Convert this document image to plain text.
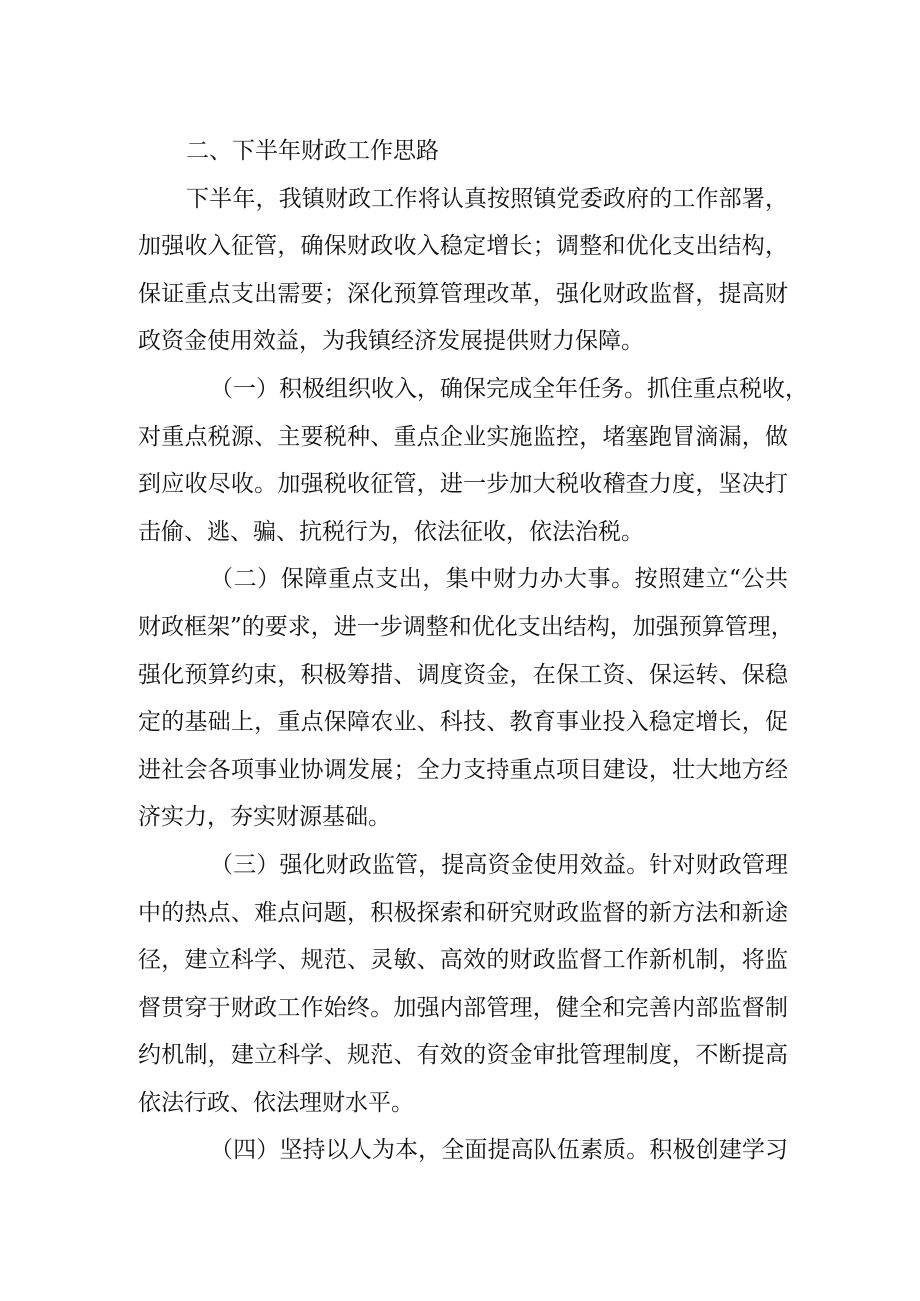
二、下半年财政工作思路
下半年，我镇财政工作将认真按照镇党委政府的工作部署，
加强收入征管，确保财政收入稳定增长；调整和优化支出结构，
保证重点支出需要；深化预算管理改革，强化财政监督，提高财
政资金使用效益，为我镇经济发展提供财力保障。
（一）积极组织收入，确保完成全年任务。抓住重点税收，
对重点税源、主要税种、重点企业实施监控，堵塞跑冒滴漏，做
到应收尽收。加强税收征管，进一步加大税收稽查力度，坚决打
击偷、逃、骗、抗税行为，依法征收，依法治税。
（二）保障重点支出，集中财力办大事。按照建立“公共
财政框架”的要求，进一步调整和优化支出结构，加强预算管理，
强化预算约束，积极筹措、调度资金，在保工资、保运转、保稳
定的基础上，重点保障农业、科技、教育事业投入稳定增长，促
进社会各项事业协调发展；全力支持重点项目建设，壮大地方经
济实力，夯实财源基础。
（三）强化财政监管，提高资金使用效益。针对财政管理
中的热点、难点问题，积极探索和研究财政监督的新方法和新途
径，建立科学、规范、灵敏、高效的财政监督工作新机制，将监
督贯穿于财政工作始终。加强内部管理，健全和完善内部监督制
约机制，建立科学、规范、有效的资金审批管理制度，不断提高
依法行政、依法理财水平。
（四）坚持以人为本，全面提高队伍素质。积极创建学习
